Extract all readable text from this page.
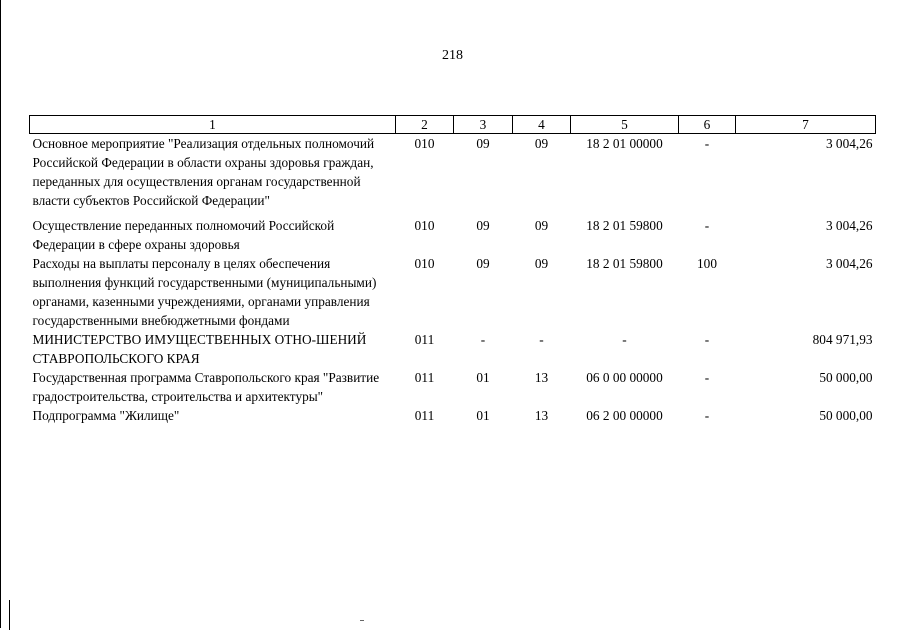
218
1	2	3	4	5	6	7
Основное мероприятие "Реализация отдельных полномочий Российской Федерации в области охраны здоровья граждан, переданных для осуществления органам государственной власти субъектов Российской Федерации"	010	09	09	18 2 01 00000	-	3 004,26
Осуществление переданных полномочий Российской Федерации в сфере охраны здоровья	010	09	09	18 2 01 59800	-	3 004,26
Расходы на выплаты персоналу в целях обеспечения выполнения функций государственными (муниципальными) органами, казенными учреждениями, органами управления государственными внебюджетными фондами	010	09	09	18 2 01 59800	100	3 004,26
МИНИСТЕРСТВО ИМУЩЕСТВЕННЫХ ОТНО-ШЕНИЙ СТАВРОПОЛЬСКОГО КРАЯ	011	-	-	-	-	804 971,93
Государственная программа Ставропольского края "Развитие градостроительства, строительства и архитектуры"	011	01	13	06 0 00 00000	-	50 000,00
Подпрограмма "Жилище"	011	01	13	06 2 00 00000	-	50 000,00
